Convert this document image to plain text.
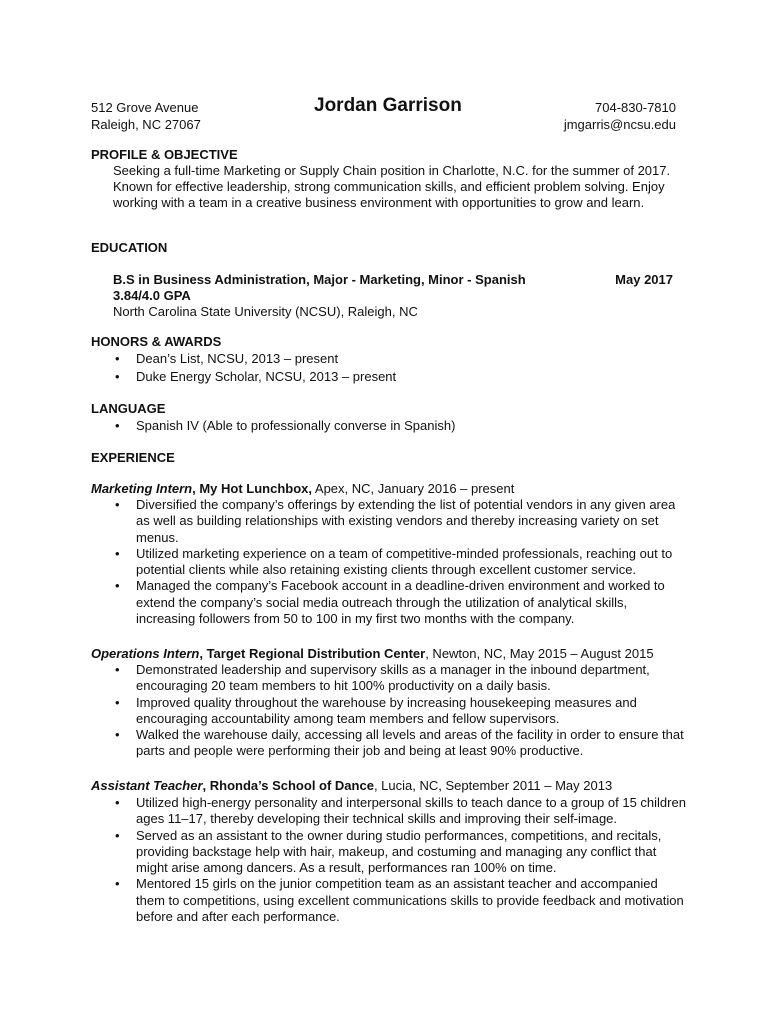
512 Grove Avenue
Raleigh, NC 27067
Jordan Garrison	704-830-7810
jmgarris@ncsu.edu
PROFILE & OBJECTIVE

Seeking a full-time Marketing or Supply Chain position in Charlotte, N.C. for the summer of 2017. Known for effective leadership, strong communication skills, and efficient problem solving. Enjoy working with a team in a creative business environment with opportunities to grow and learn.

EDUCATION
B.S in Business Administration, Major - Marketing, Minor - Spanish	May 2017
3.84/4.0 GPA
North Carolina State University (NCSU), Raleigh, NC
HONORS & AWARDS
• Dean’s List, NCSU, 2013 – present
• Duke Energy Scholar, NCSU, 2013 – present
LANGUAGE
• Spanish IV (Able to professionally converse in Spanish)
EXPERIENCE
Marketing Intern, My Hot Lunchbox, Apex, NC, January 2016 – present
• Diversified the company’s offerings by extending the list of potential vendors in any given area as well as building relationships with existing vendors and thereby increasing variety on set menus.
• Utilized marketing experience on a team of competitive-minded professionals, reaching out to potential clients while also retaining existing clients through excellent customer service.
• Managed the company’s Facebook account in a deadline-driven environment and worked to extend the company’s social media outreach through the utilization of analytical skills, increasing followers from 50 to 100 in my first two months with the company.
Operations Intern, Target Regional Distribution Center, Newton, NC, May 2015 – August 2015
• Demonstrated leadership and supervisory skills as a manager in the inbound department, encouraging 20 team members to hit 100% productivity on a daily basis.
• Improved quality throughout the warehouse by increasing housekeeping measures and encouraging accountability among team members and fellow supervisors.
• Walked the warehouse daily, accessing all levels and areas of the facility in order to ensure that parts and people were performing their job and being at least 90% productive.
Assistant Teacher, Rhonda’s School of Dance, Lucia, NC, September 2011 – May 2013
• Utilized high-energy personality and interpersonal skills to teach dance to a group of 15 children ages 11–17, thereby developing their technical skills and improving their self-image.
• Served as an assistant to the owner during studio performances, competitions, and recitals, providing backstage help with hair, makeup, and costuming and managing any conflict that might arise among dancers. As a result, performances ran 100% on time.
• Mentored 15 girls on the junior competition team as an assistant teacher and accompanied them to competitions, using excellent communications skills to provide feedback and motivation before and after each performance.
